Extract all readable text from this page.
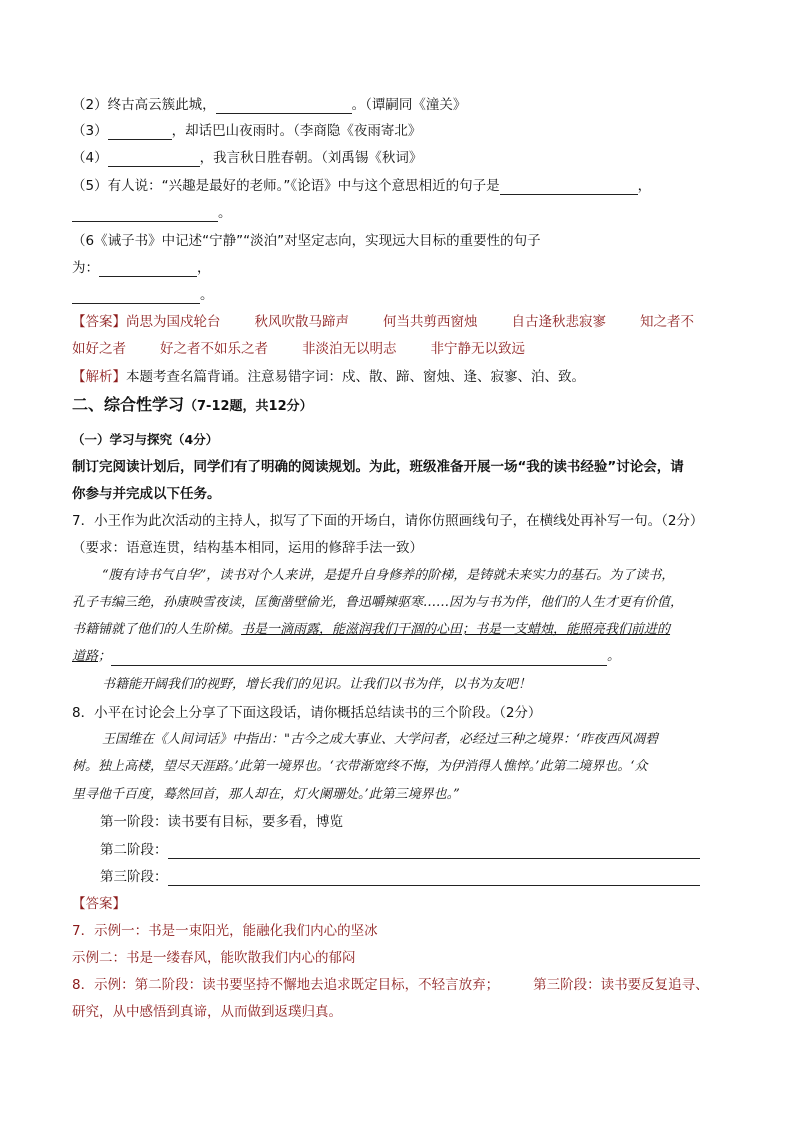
（2）终古高云簇此城，	。（谭嗣同《潼关》
（3）	，却话巴山夜雨时。（李商隐《夜雨寄北》
（4）	，我言秋日胜春朝。（刘禹锡《秋词》
（5）有人说：“兴趣是最好的老师。”《论语》中与这个意思相近的句子是	，
。
（6《诫子书》中记述“宁静”“淡泊”对坚定志向，实现远大目标的重要性的句子
为：	，
。
【答案】尚思为国戍轮台	秋风吹散马蹄声	何当共剪西窗烛	自古逢秋悲寂寥	知之者不
如好之者	好之者不如乐之者	非淡泊无以明志	非宁静无以致远
【解析】本题考查名篇背诵。注意易错字词：戍、散、蹄、窗烛、逢、寂寥、泊、致。
二、综合性学习（7-12题，共12分）
（一）学习与探究（4分）
制订完阅读计划后，同学们有了明确的阅读规划。为此，班级准备开展一场“我的读书经验”讨论会，请
你参与并完成以下任务。
7．小王作为此次活动的主持人，拟写了下面的开场白，请你仿照画线句子，在横线处再补写一句。（2分）
（要求：语意连贯，结构基本相同，运用的修辞手法一致）
“腹有诗书气自华”，读书对个人来讲，是提升自身修养的阶梯，是铸就未来实力的基石。为了读书，
孔子韦编三绝，孙康映雪夜读，匡衡凿壁偷光，鲁迅嚼辣驱寒……因为与书为伴，他们的人生才更有价值，
书籍铺就了他们的人生阶梯。书是一滴雨露，能滋润我们干涸的心田；书是一支蜡烛，能照亮我们前进的
道路；	。
书籍能开阔我们的视野，增长我们的见识。让我们以书为伴，以书为友吧！
8．小平在讨论会上分享了下面这段话，请你概括总结读书的三个阶段。（2分）
王国维在《人间词话》中指出："古今之成大事业、大学问者，必经过三种之境界：‘昨夜西风凋碧
树。独上高楼，望尽天涯路。’此第一境界也。‘衣带渐宽终不悔，为伊消得人憔悴。’此第二境界也。‘众
里寻他千百度，蓦然回首，那人却在，灯火阑珊处。’此第三境界也。”
第一阶段：读书要有目标，要多看，博览
第二阶段：
第三阶段：
【答案】
7．示例一：书是一束阳光，能融化我们内心的坚冰
示例二：书是一缕春风，能吹散我们内心的郁闷
8．示例：第二阶段：读书要坚持不懈地去追求既定目标，不轻言放弃；	第三阶段：读书要反复追寻、
研究，从中感悟到真谛，从而做到返璞归真。
